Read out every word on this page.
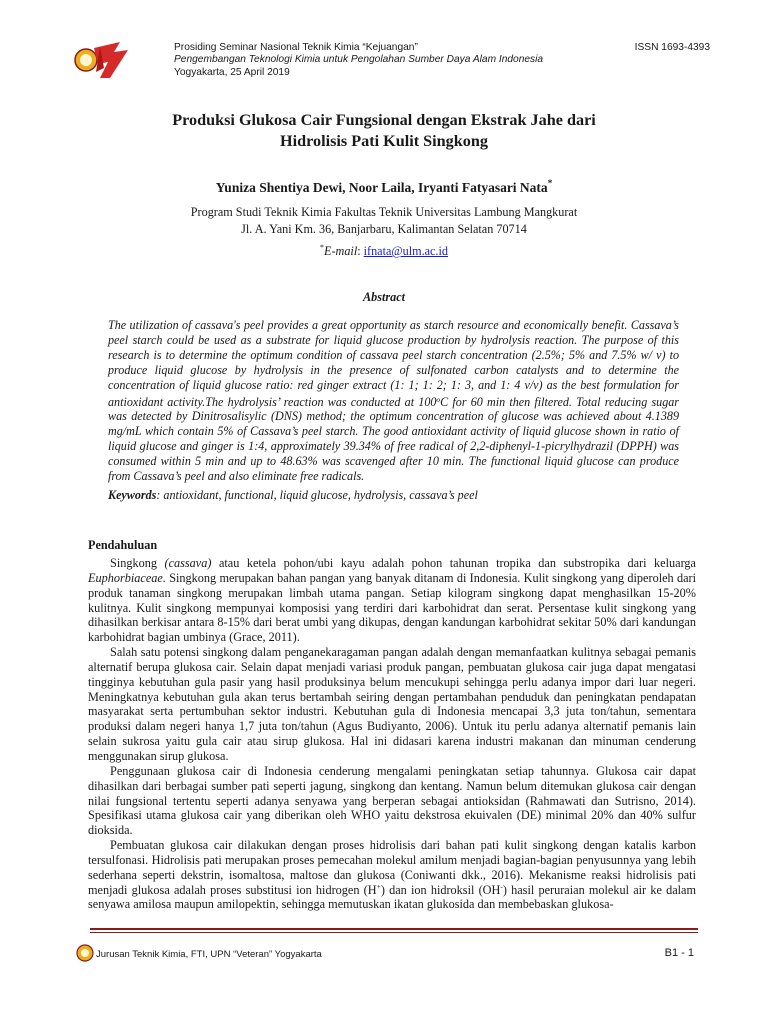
Prosiding Seminar Nasional Teknik Kimia “Kejuangan”
Pengembangan Teknologi Kimia untuk Pengolahan Sumber Daya Alam Indonesia
Yogyakarta, 25 April 2019
ISSN 1693-4393
Produksi Glukosa Cair Fungsional dengan Ekstrak Jahe dari
Hidrolisis Pati Kulit Singkong
Yuniza Shentiya Dewi, Noor Laila, Iryanti Fatyasari Nata*
Program Studi Teknik Kimia Fakultas Teknik Universitas Lambung Mangkurat
Jl. A. Yani Km. 36, Banjarbaru, Kalimantan Selatan 70714
*E-mail: ifnata@ulm.ac.id
Abstract
The utilization of cassava's peel provides a great opportunity as starch resource and economically benefit. Cassava’s peel starch could be used as a substrate for liquid glucose production by hydrolysis reaction. The purpose of this research is to determine the optimum condition of cassava peel starch concentration (2.5%; 5% and 7.5% w/ v) to produce liquid glucose by hydrolysis in the presence of sulfonated carbon catalysts and to determine the concentration of liquid glucose ratio: red ginger extract (1: 1; 1: 2; 1: 3, and 1: 4 v/v) as the best formulation for antioxidant activity.The hydrolysis’ reaction was conducted at 100$^o$C for 60 min then filtered. Total reducing sugar was detected by Dinitrosalisylic (DNS) method; the optimum concentration of glucose was achieved about 4.1389 mg/mL which contain 5% of Cassava’s peel starch. The good antioxidant activity of liquid glucose shown in ratio of liquid glucose and ginger is 1:4, approximately 39.34% of free radical of 2,2-diphenyl-1-picrylhydrazil (DPPH) was consumed within 5 min and up to 48.63% was scavenged after 10 min. The functional liquid glucose can produce from Cassava’s peel and also eliminate free radicals.
Keywords: antioxidant, functional, liquid glucose, hydrolysis, cassava’s peel
Pendahuluan

Singkong (cassava) atau ketela pohon/ubi kayu adalah pohon tahunan tropika dan substropika dari keluarga Euphorbiaceae. Singkong merupakan bahan pangan yang banyak ditanam di Indonesia. Kulit singkong yang diperoleh dari produk tanaman singkong merupakan limbah utama pangan. Setiap kilogram singkong dapat menghasilkan 15-20% kulitnya. Kulit singkong mempunyai komposisi yang terdiri dari karbohidrat dan serat. Persentase kulit singkong yang dihasilkan berkisar antara 8-15% dari berat umbi yang dikupas, dengan kandungan karbohidrat sekitar 50% dari kandungan karbohidrat bagian umbinya (Grace, 2011).

Salah satu potensi singkong dalam penganekaragaman pangan adalah dengan memanfaatkan kulitnya sebagai pemanis alternatif berupa glukosa cair. Selain dapat menjadi variasi produk pangan, pembuatan glukosa cair juga dapat mengatasi tingginya kebutuhan gula pasir yang hasil produksinya belum mencukupi sehingga perlu adanya impor dari luar negeri. Meningkatnya kebutuhan gula akan terus bertambah seiring dengan pertambahan penduduk dan peningkatan pendapatan masyarakat serta pertumbuhan sektor industri. Kebutuhan gula di Indonesia mencapai 3,3 juta ton/tahun, sementara produksi dalam negeri hanya 1,7 juta ton/tahun (Agus Budiyanto, 2006). Untuk itu perlu adanya alternatif pemanis lain selain sukrosa yaitu gula cair atau sirup glukosa. Hal ini didasari karena industri makanan dan minuman cenderung menggunakan sirup glukosa.

Penggunaan glukosa cair di Indonesia cenderung mengalami peningkatan setiap tahunnya. Glukosa cair dapat dihasilkan dari berbagai sumber pati seperti jagung, singkong dan kentang. Namun belum ditemukan glukosa cair dengan nilai fungsional tertentu seperti adanya senyawa yang berperan sebagai antioksidan (Rahmawati dan Sutrisno, 2014). Spesifikasi utama glukosa cair yang diberikan oleh WHO yaitu dekstrosa ekuivalen (DE) minimal 20% dan 40% sulfur dioksida.

Pembuatan glukosa cair dilakukan dengan proses hidrolisis dari bahan pati kulit singkong dengan katalis karbon tersulfonasi. Hidrolisis pati merupakan proses pemecahan molekul amilum menjadi bagian-bagian penyusunnya yang lebih sederhana seperti dekstrin, isomaltosa, maltose dan glukosa (Coniwanti dkk., 2016). Mekanisme reaksi hidrolisis pati menjadi glukosa adalah proses substitusi ion hidrogen (H+) dan ion hidroksil (OH-) hasil peruraian molekul air ke dalam senyawa amilosa maupun amilopektin, sehingga memutuskan ikatan glukosida dan membebaskan glukosa-

Jurusan Teknik Kimia, FTI, UPN “Veteran” Yogyakarta	B1 - 1
